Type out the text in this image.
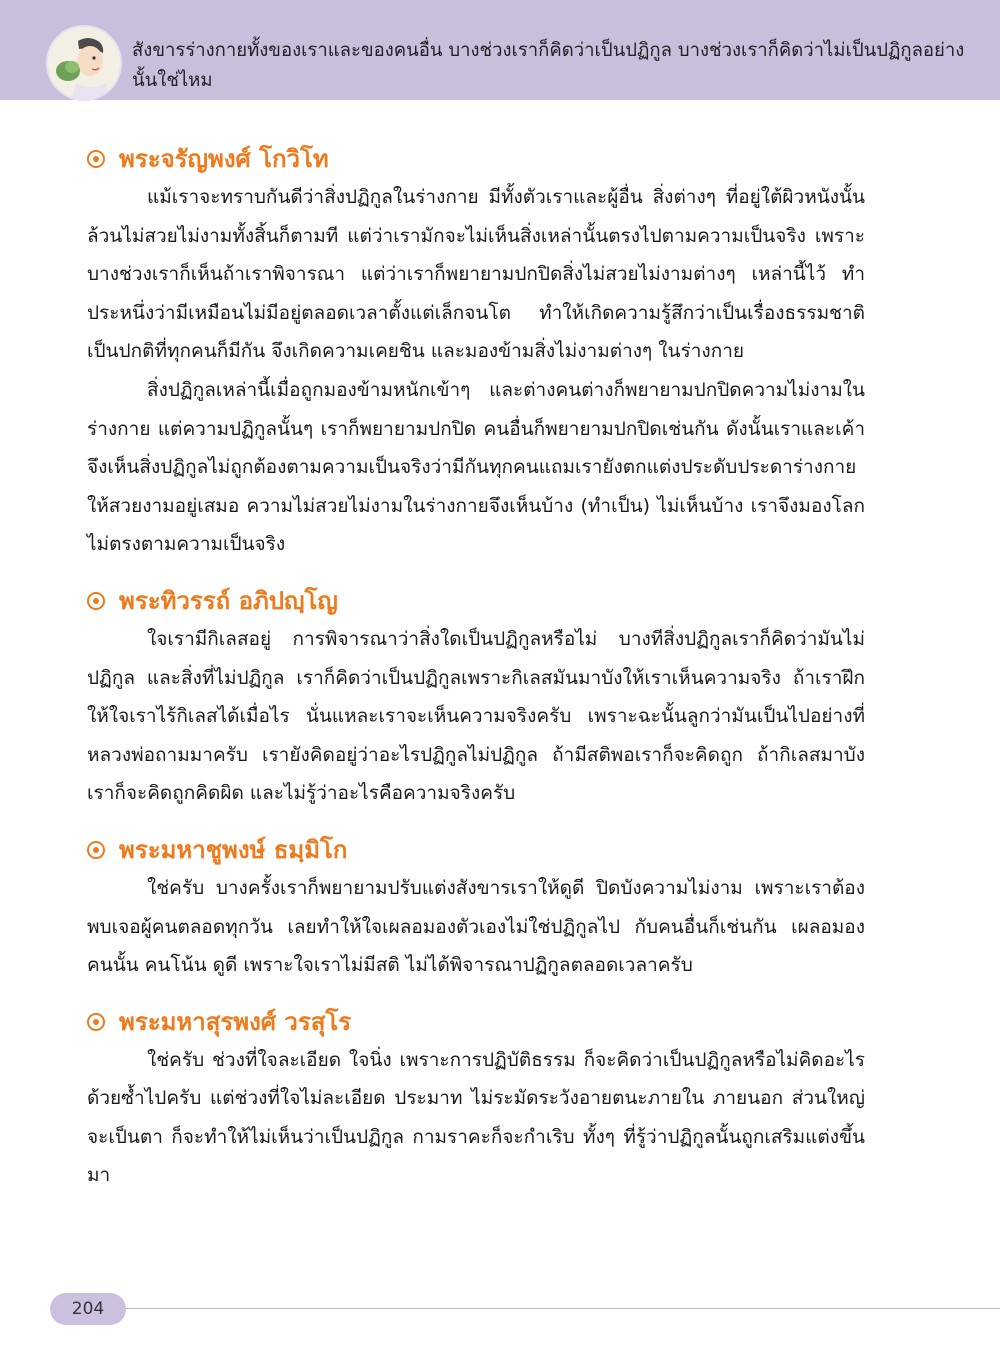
สังขารร่างกายทั้งของเราและของคนอื่น บางช่วงเราก็คิดว่าเป็นปฏิกูล บางช่วงเราก็คิดว่าไม่เป็นปฏิกูลอย่างนั้นใช่ไหม
พระจรัญพงศ์ โกวิโท

แม้เราจะทราบกันดีว่าสิ่งปฏิกูลในร่างกาย มีทั้งตัวเราและผู้อื่น สิ่งต่างๆ ที่อยู่ใต้ผิวหนังนั้นล้วนไม่สวยไม่งามทั้งสิ้นก็ตามที แต่ว่าเรามักจะไม่เห็นสิ่งเหล่านั้นตรงไปตามความเป็นจริง เพราะบางช่วงเราก็เห็นถ้าเราพิจารณา แต่ว่าเราก็พยายามปกปิดสิ่งไม่สวยไม่งามต่างๆ เหล่านี้ไว้ ทำประหนึ่งว่ามีเหมือนไม่มีอยู่ตลอดเวลาตั้งแต่เล็กจนโต ทำให้เกิดความรู้สึกว่าเป็นเรื่องธรรมชาติ เป็นปกติที่ทุกคนก็มีกัน จึงเกิดความเคยชิน และมองข้ามสิ่งไม่งามต่างๆ ในร่างกาย

สิ่งปฏิกูลเหล่านี้เมื่อถูกมองข้ามหนักเข้าๆ และต่างคนต่างก็พยายามปกปิดความไม่งามในร่างกาย แต่ความปฏิกูลนั้นๆ เราก็พยายามปกปิด คนอื่นก็พยายามปกปิดเช่นกัน ดังนั้นเราและเค้าจึงเห็นสิ่งปฏิกูลไม่ถูกต้องตามความเป็นจริงว่ามีกันทุกคนแถมเรายังตกแต่งประดับประดาร่างกายให้สวยงามอยู่เสมอ ความไม่สวยไม่งามในร่างกายจึงเห็นบ้าง (ทำเป็น) ไม่เห็นบ้าง เราจึงมองโลกไม่ตรงตามความเป็นจริง

พระทิวรรถ์ อภิปญฺโญ

ใจเรามีกิเลสอยู่ การพิจารณาว่าสิ่งใดเป็นปฏิกูลหรือไม่ บางทีสิ่งปฏิกูลเราก็คิดว่ามันไม่ปฏิกูล และสิ่งที่ไม่ปฏิกูล เราก็คิดว่าเป็นปฏิกูลเพราะกิเลสมันมาบังให้เราเห็นความจริง ถ้าเราฝึกให้ใจเราไร้กิเลสได้เมื่อไร นั่นแหละเราจะเห็นความจริงครับ เพราะฉะนั้นลูกว่ามันเป็นไปอย่างที่หลวงพ่อถามมาครับ เรายังคิดอยู่ว่าอะไรปฏิกูลไม่ปฏิกูล ถ้ามีสติพอเราก็จะคิดถูก ถ้ากิเลสมาบังเราก็จะคิดถูกคิดผิด และไม่รู้ว่าอะไรคือความจริงครับ

พระมหาชูพงษ์ ธมฺมิโก

ใช่ครับ บางครั้งเราก็พยายามปรับแต่งสังขารเราให้ดูดี ปิดบังความไม่งาม เพราะเราต้องพบเจอผู้คนตลอดทุกวัน เลยทำให้ใจเผลอมองตัวเองไม่ใช่ปฏิกูลไป กับคนอื่นก็เช่นกัน เผลอมองคนนั้น คนโน้น ดูดี เพราะใจเราไม่มีสติ ไม่ได้พิจารณาปฏิกูลตลอดเวลาครับ

พระมหาสุรพงศ์ วรสุโร

ใช่ครับ ช่วงที่ใจละเอียด ใจนิ่ง เพราะการปฏิบัติธรรม ก็จะคิดว่าเป็นปฏิกูลหรือไม่คิดอะไรด้วยซ้ำไปครับ แต่ช่วงที่ใจไม่ละเอียด ประมาท ไม่ระมัดระวังอายตนะภายใน ภายนอก ส่วนใหญ่จะเป็นตา ก็จะทำให้ไม่เห็นว่าเป็นปฏิกูล กามราคะก็จะกำเริบ ทั้งๆ ที่รู้ว่าปฏิกูลนั้นถูกเสริมแต่งขึ้นมา

204
